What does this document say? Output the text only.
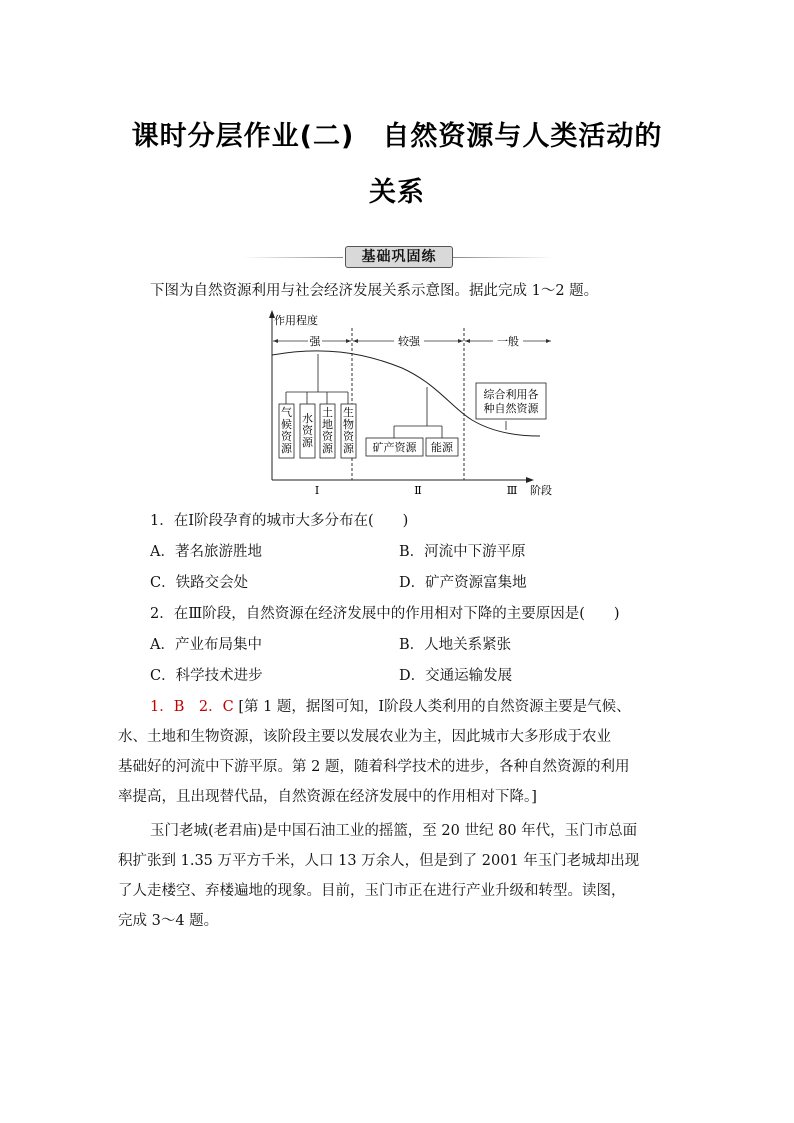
课时分层作业(二)　自然资源与人类活动的
关系
基础巩固练
下图为自然资源利用与社会经济发展关系示意图。据此完成 1～2 题。
作用程度
阶段
强	较强	一般
气
候
资
源
水
资
源
土
地
资
源
生
物
资
源 矿产资源 能源
综合利用各
种自然资源
Ⅰ	Ⅱ	Ⅲ
1．在Ⅰ阶段孕育的城市大多分布在(　　)
A．著名旅游胜地	B．河流中下游平原
C．铁路交会处	D．矿产资源富集地
2．在Ⅲ阶段，自然资源在经济发展中的作用相对下降的主要原因是(　　)
A．产业布局集中	B．人地关系紧张
C．科学技术进步	D．交通运输发展
1．B　2．C [第 1 题，据图可知，Ⅰ阶段人类利用的自然资源主要是气候、
水、土地和生物资源，该阶段主要以发展农业为主，因此城市大多形成于农业
基础好的河流中下游平原。第 2 题，随着科学技术的进步，各种自然资源的利用
率提高，且出现替代品，自然资源在经济发展中的作用相对下降。]
玉门老城(老君庙)是中国石油工业的摇篮，至 20 世纪 80 年代，玉门市总面
积扩张到 1.35 万平方千米，人口 13 万余人，但是到了 2001 年玉门老城却出现
了人走楼空、弃楼遍地的现象。目前，玉门市正在进行产业升级和转型。读图，
完成 3～4 题。
